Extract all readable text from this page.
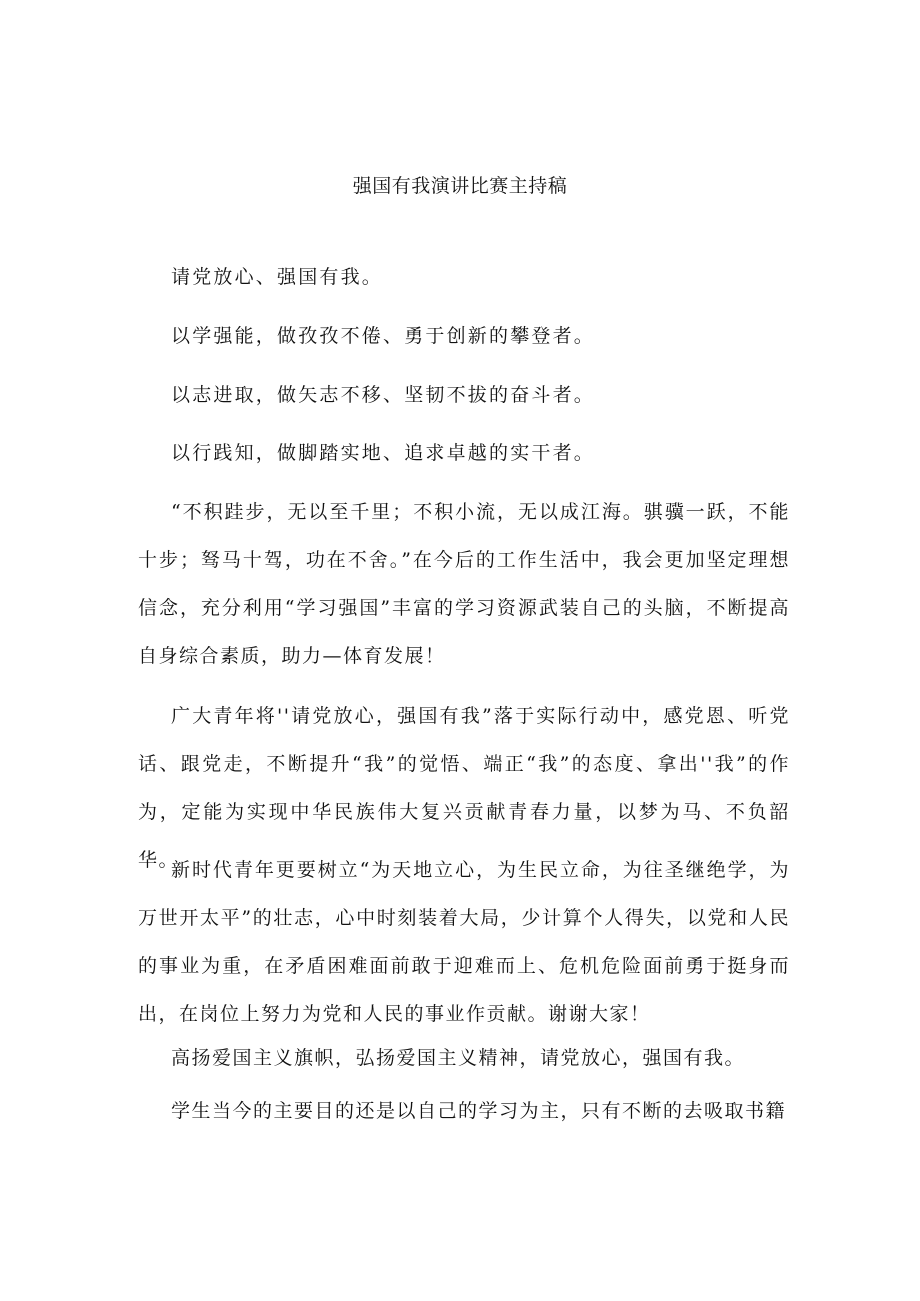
强国有我演讲比赛主持稿
请党放心、强国有我。
以学强能，做孜孜不倦、勇于创新的攀登者。
以志进取，做矢志不移、坚韧不拔的奋斗者。
以行践知，做脚踏实地、追求卓越的实干者。

“不积跬步，无以至千里；不积小流，无以成江海。骐骥一跃，不能十步；驽马十驾，功在不舍。”在今后的工作生活中，我会更加坚定理想信念，充分利用“学习强国”丰富的学习资源武装自己的头脑，不断提高自身综合素质，助力—体育发展！

广大青年将''请党放心，强国有我”落于实际行动中，感党恩、听党话、跟党走，不断提升“我”的觉悟、端正“我”的态度、拿出''我”的作为，定能为实现中华民族伟大复兴贡献青春力量，以梦为马、不负韶华。

新时代青年更要树立“为天地立心，为生民立命，为往圣继绝学，为万世开太平”的壮志，心中时刻装着大局，少计算个人得失，以党和人民的事业为重，在矛盾困难面前敢于迎难而上、危机危险面前勇于挺身而出，在岗位上努力为党和人民的事业作贡献。谢谢大家！

高扬爱国主义旗帜，弘扬爱国主义精神，请党放心，强国有我。

学生当今的主要目的还是以自己的学习为主，只有不断的去吸取书籍
